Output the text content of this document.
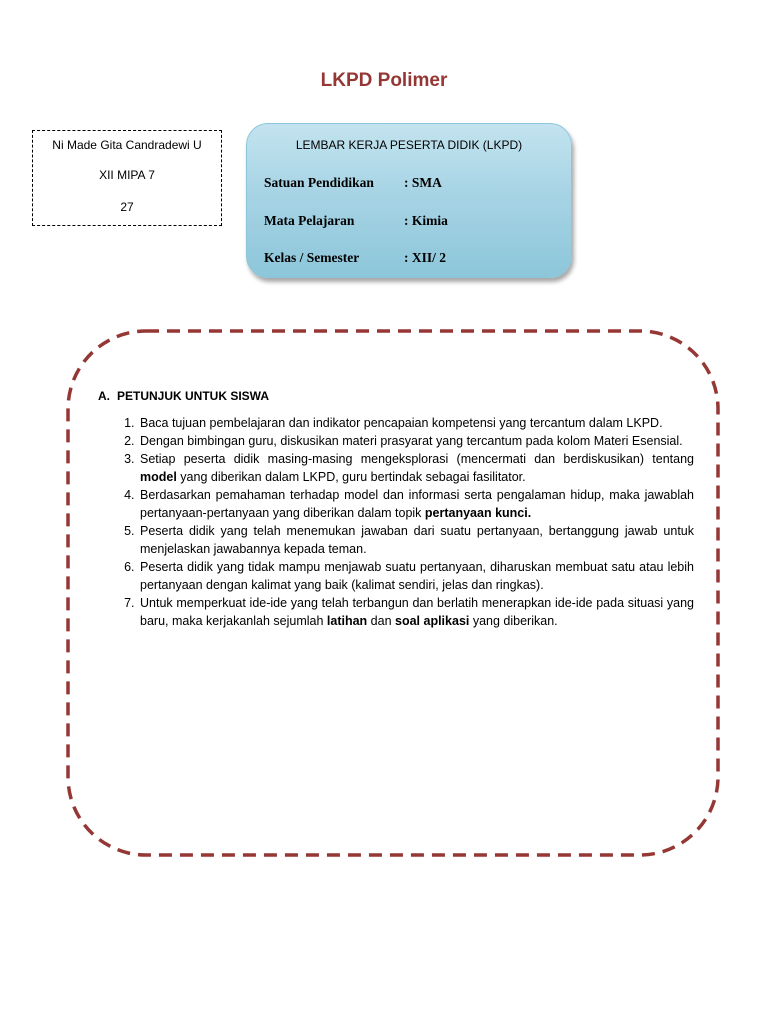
LKPD Polimer
Ni Made Gita Candradewi U
XII MIPA 7
27
LEMBAR KERJA PESERTA DIDIK (LKPD)
Satuan Pendidikan : SMA
Mata Pelajaran	: Kimia
Kelas / Semester	: XII/ 2
A. PETUNJUK UNTUK SISWA
1. Baca tujuan pembelajaran dan indikator pencapaian kompetensi yang tercantum dalam LKPD.
2. Dengan bimbingan guru, diskusikan materi prasyarat yang tercantum pada kolom Materi Esensial.
3. Setiap peserta didik masing-masing mengeksplorasi (mencermati dan berdiskusikan) tentang model yang diberikan dalam LKPD, guru bertindak sebagai fasilitator.
4. Berdasarkan pemahaman terhadap model dan informasi serta pengalaman hidup, maka jawablah pertanyaan-pertanyaan yang diberikan dalam topik pertanyaan kunci.
5. Peserta didik yang telah menemukan jawaban dari suatu pertanyaan, bertanggung jawab untuk menjelaskan jawabannya kepada teman.
6. Peserta didik yang tidak mampu menjawab suatu pertanyaan, diharuskan membuat satu atau lebih pertanyaan dengan kalimat yang baik (kalimat sendiri, jelas dan ringkas).
7. Untuk memperkuat ide-ide yang telah terbangun dan berlatih menerapkan ide-ide pada situasi yang baru, maka kerjakanlah sejumlah latihan dan soal aplikasi yang diberikan.
